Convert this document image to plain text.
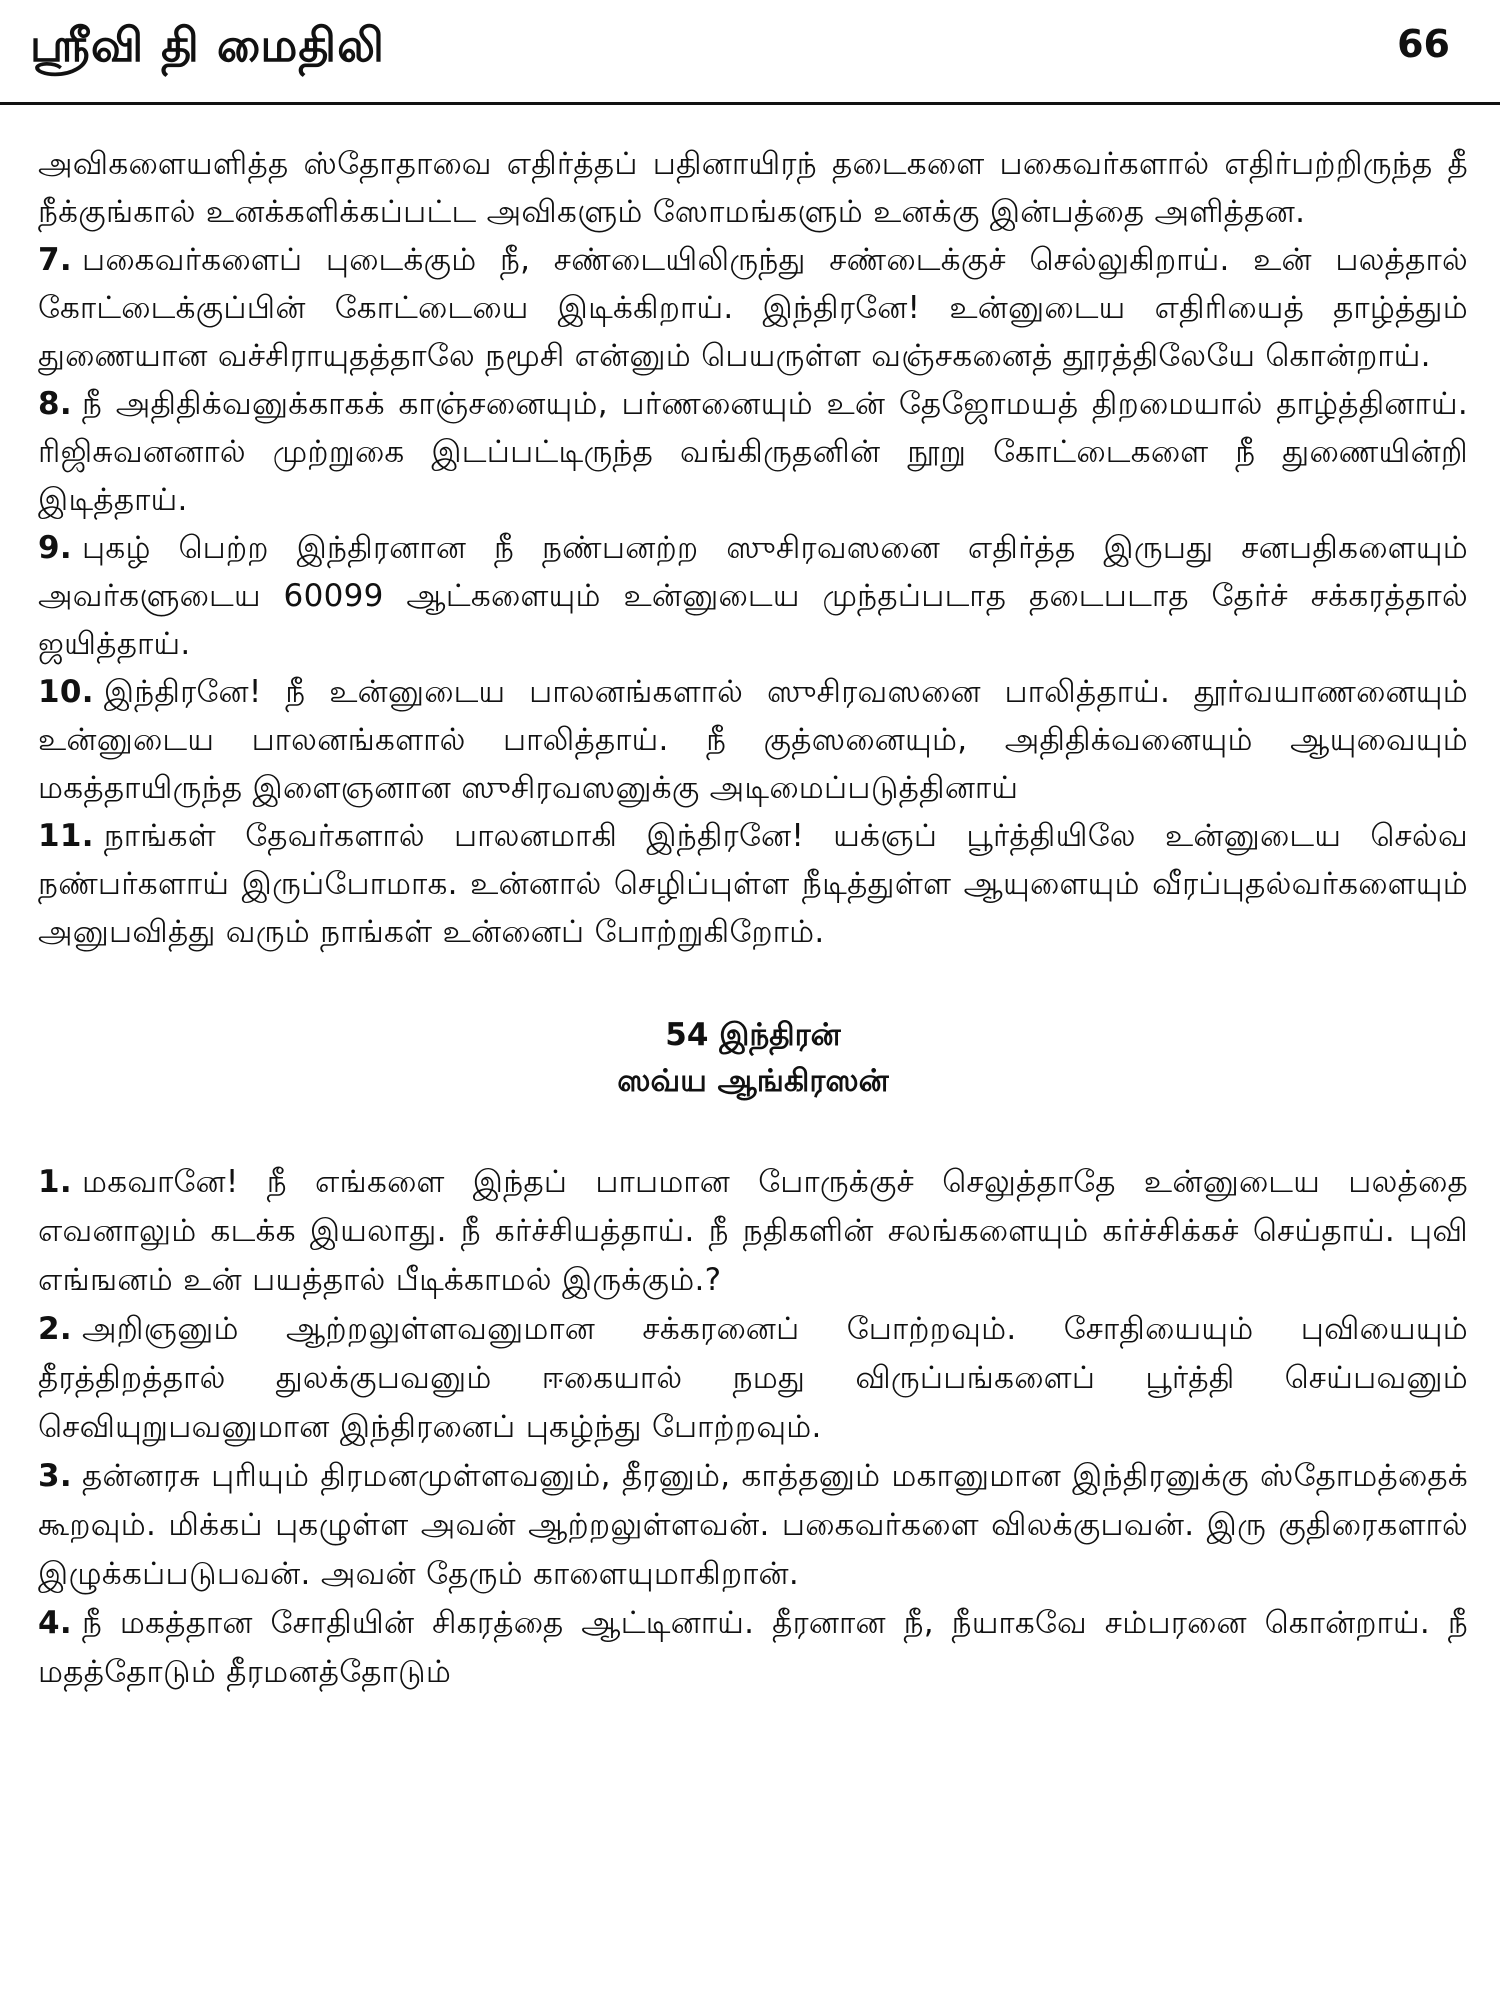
ஸ்ரீவி தி மைதிலி	66

அவிகளையளித்த ஸ்தோதாவை எதிர்த்தப் பதினாயிரந் தடைகளை பகைவர்களால் எதிர்பற்றிருந்த தீ நீக்குங்கால் உனக்களிக்கப்பட்ட அவிகளும் ஸோமங்களும் உனக்கு இன்பத்தை அளித்தன.

7. பகைவர்களைப் புடைக்கும் நீ, சண்டையிலிருந்து சண்டைக்குச் செல்லுகிறாய். உன் பலத்தால் கோட்டைக்குப்பின் கோட்டையை இடிக்கிறாய். இந்திரனே! உன்னுடைய எதிரியைத் தாழ்த்தும் துணையான வச்சிராயுதத்தாலே நமூசி என்னும் பெயருள்ள வஞ்சகனைத் தூரத்திலேயே கொன்றாய்.

8. நீ அதிதிக்வனுக்காகக் காஞ்சனையும், பர்ணனையும் உன் தேஜோமயத் திறமையால் தாழ்த்தினாய். ரிஜிசுவனனால் முற்றுகை இடப்பட்டிருந்த வங்கிருதனின் நூறு கோட்டைகளை நீ துணையின்றி இடித்தாய்.

9. புகழ் பெற்ற இந்திரனான நீ நண்பனற்ற ஸுசிரவஸனை எதிர்த்த இருபது சனபதிகளையும் அவர்களுடைய 60099 ஆட்களையும் உன்னுடைய முந்தப்படாத தடைபடாத தேர்ச் சக்கரத்தால் ஜயித்தாய்.

10. இந்திரனே! நீ உன்னுடைய பாலனங்களால் ஸுசிரவஸனை பாலித்தாய். தூர்வயாணனையும் உன்னுடைய பாலனங்களால் பாலித்தாய். நீ குத்ஸனையும், அதிதிக்வனையும் ஆயுவையும் மகத்தாயிருந்த இளைஞனான ஸுசிரவஸனுக்கு அடிமைப்படுத்தினாய்

11. நாங்கள் தேவர்களால் பாலனமாகி இந்திரனே! யக்ஞப் பூர்த்தியிலே உன்னுடைய செல்வ நண்பர்களாய் இருப்போமாக. உன்னால் செழிப்புள்ள நீடித்துள்ள ஆயுளையும் வீரப்புதல்வர்களையும் அனுபவித்து வரும் நாங்கள் உன்னைப் போற்றுகிறோம்.

54 இந்திரன்
ஸவ்ய ஆங்கிரஸன்

1. மகவானே! நீ எங்களை இந்தப் பாபமான போருக்குச் செலுத்தாதே உன்னுடைய பலத்தை எவனாலும் கடக்க இயலாது. நீ கர்ச்சியத்தாய். நீ நதிகளின் சலங்களையும் கர்ச்சிக்கச் செய்தாய். புவி எங்ஙனம் உன் பயத்தால் பீடிக்காமல் இருக்கும்.?

2. அறிஞனும் ஆற்றலுள்ளவனுமான சக்கரனைப் போற்றவும். சோதியையும் புவியையும் தீரத்திறத்தால் துலக்குபவனும் ஈகையால் நமது விருப்பங்களைப் பூர்த்தி செய்பவனும் செவியுறுபவனுமான இந்திரனைப் புகழ்ந்து போற்றவும்.

3. தன்னரசு புரியும் திரமனமுள்ளவனும், தீரனும், காத்தனும் மகானுமான இந்திரனுக்கு ஸ்தோமத்தைக் கூறவும். மிக்கப் புகழுள்ள அவன் ஆற்றலுள்ளவன். பகைவர்களை விலக்குபவன். இரு குதிரைகளால் இழுக்கப்படுபவன். அவன் தேரும் காளையுமாகிறான்.

4. நீ மகத்தான சோதியின் சிகரத்தை ஆட்டினாய். தீரனான நீ, நீயாகவே சம்பரனை கொன்றாய். நீ மதத்தோடும் தீரமனத்தோடும்
